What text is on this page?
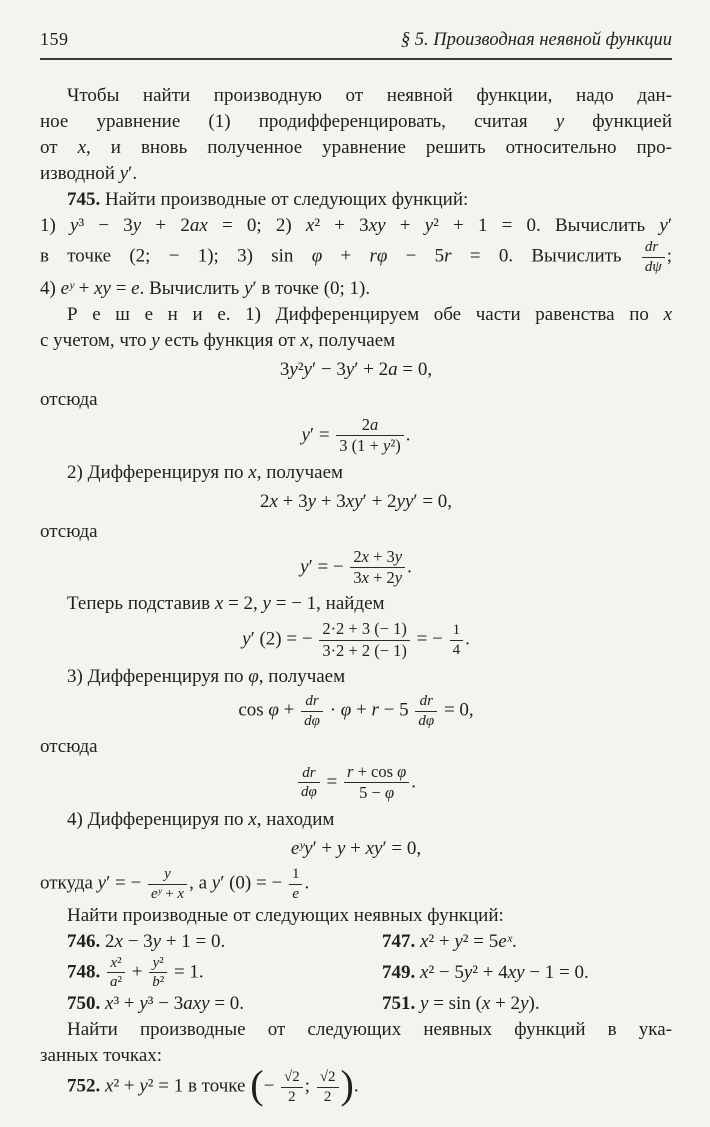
159	§ 5. Производная неявной функции
Чтобы найти производную от неявной функции, надо дан-
ное уравнение (1) продифференцировать, считая y функцией
от x, и вновь полученное уравнение решить относительно про-
изводной y′.
745. Найти производные от следующих функций:
1) y³ − 3y + 2ax = 0; 2) x² + 3xy + y² + 1 = 0. Вычислить y′
в точке (2; − 1); 3) sin φ + rφ − 5r = 0. Вычислить $\frac{dr}{d\psi}$ ;
4) eʸ + xy = e. Вычислить y′ в точке (0; 1).
Р е ш е н и е. 1) Дифференцируем обе части равенства по x
с учетом, что y есть функция от x, получаем
3y²y′ − 3y′ + 2a = 0,
отсюда
$y' = \frac{2a}{\text{3 (1 + y²)}}$ .
2) Дифференцируя по x, получаем
2x + 3y + 3xy′ + 2yy′ = 0,
отсюда
y′ = − $\frac{2x + 3y}{3x + 2y}$ .
Теперь подставив x = 2, y = − 1, найдем
y′ (2) = − $\frac{2\cdot 2 + 3 (- 1)}{3\cdot 2 + 2 (- 1)}$ = − $\frac{1}{4}$ .
3) Дифференцируя по φ, получаем
$\cos \varphi + \frac{dr}{d\varphi} \cdot \varphi + r - 5 \frac{dr}{d\varphi} = 0$,
отсюда
$\frac{dr}{d\varphi} = \frac{\text{r + cos φ}}{5 - \varphi}$ .
4) Дифференцируя по x, находим
eʸy′ + y + xy′ = 0,
откуда y′ = − $\frac{y}{\text{eʸ + x}}$ , а y′ (0) = − $\frac{1}{e}$ .
Найти производные от следующих неявных функций:
746. 2x − 3y + 1 = 0.	747. x² + y² = 5eˣ.
748. $\frac{\text{x²}}{\text{a²}} + \frac{\text{y²}}{\text{b²}} = 1$.	749. x² − 5y² + 4xy − 1 = 0.
750. x³ + y³ − 3axy = 0.	751. y = sin (x + 2y).
Найти производные от следующих неявных функций в ука-
занных точках:
752. x² + y² = 1 в точке (− $\frac{√2}{2}$ ; $\frac{√2}{2}$ ).
